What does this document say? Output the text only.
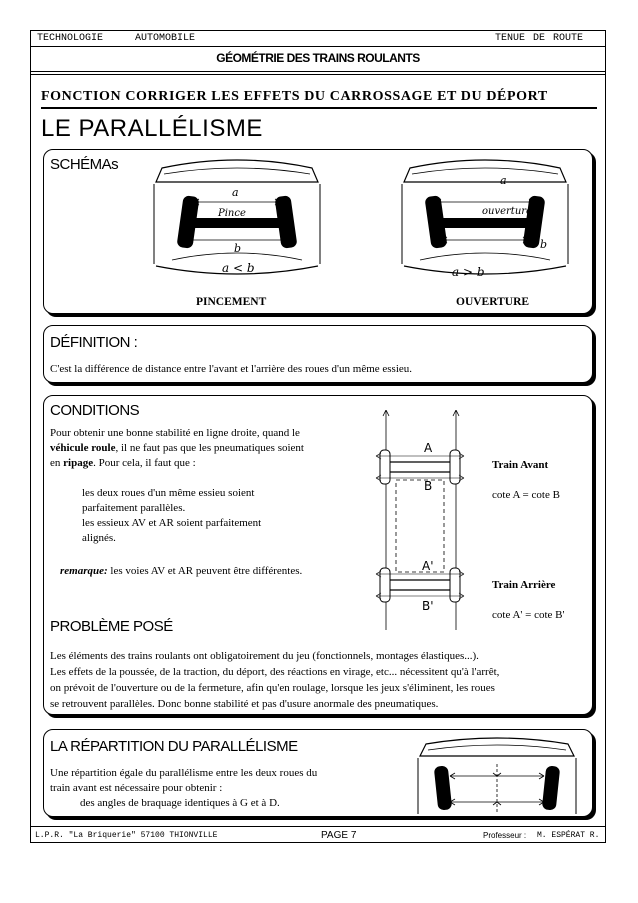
TECHNOLOGIE	AUTOMOBILE	TENUE DE ROUTE
GÉOMÉTRIE DES TRAINS ROULANTS
FONCTION CORRIGER LES EFFETS DU CARROSSAGE ET DU DÉPORT
LE PARALLÉLISME
SCHÉMAs
a
Pince
b
a < b
a
ouverture
b
a > b
PINCEMENT	OUVERTURE
DÉFINITION :
C'est la différence de distance entre l'avant et l'arrière des roues d'un même essieu.
CONDITIONS
Pour obtenir une bonne stabilité en ligne droite, quand le
véhicule roule, il ne faut pas que les pneumatiques soient
en ripage. Pour cela, il faut que :
les deux roues d'un même essieu soient
parfaitement parallèles.
les essieux AV et AR soient parfaitement
alignés.
remarque: les voies AV et AR peuvent être différentes.
A
B
A'
B'
Train Avant
cote A = cote B
Train Arrière
cote A' = cote B'
PROBLÈME POSÉ
Les éléments des trains roulants ont obligatoirement du jeu (fonctionnels, montages élastiques...).
Les effets de la poussée, de la traction, du déport, des réactions en virage, etc... nécessitent qu'à l'arrêt,
on prévoit de l'ouverture ou de la fermeture, afin qu'en roulage, lorsque les jeux s'éliminent, les roues
se retrouvent parallèles. Donc bonne stabilité et pas d'usure anormale des pneumatiques.
LA RÉPARTITION DU PARALLÉLISME
Une répartition égale du parallélisme entre les deux roues du
train avant est nécessaire pour obtenir :
des angles de braquage identiques à G et à D.
L.P.R. "La Briquerie" 57100 THIONVILLE	PAGE 7	Professeur : M. ESPÉRAT R.
